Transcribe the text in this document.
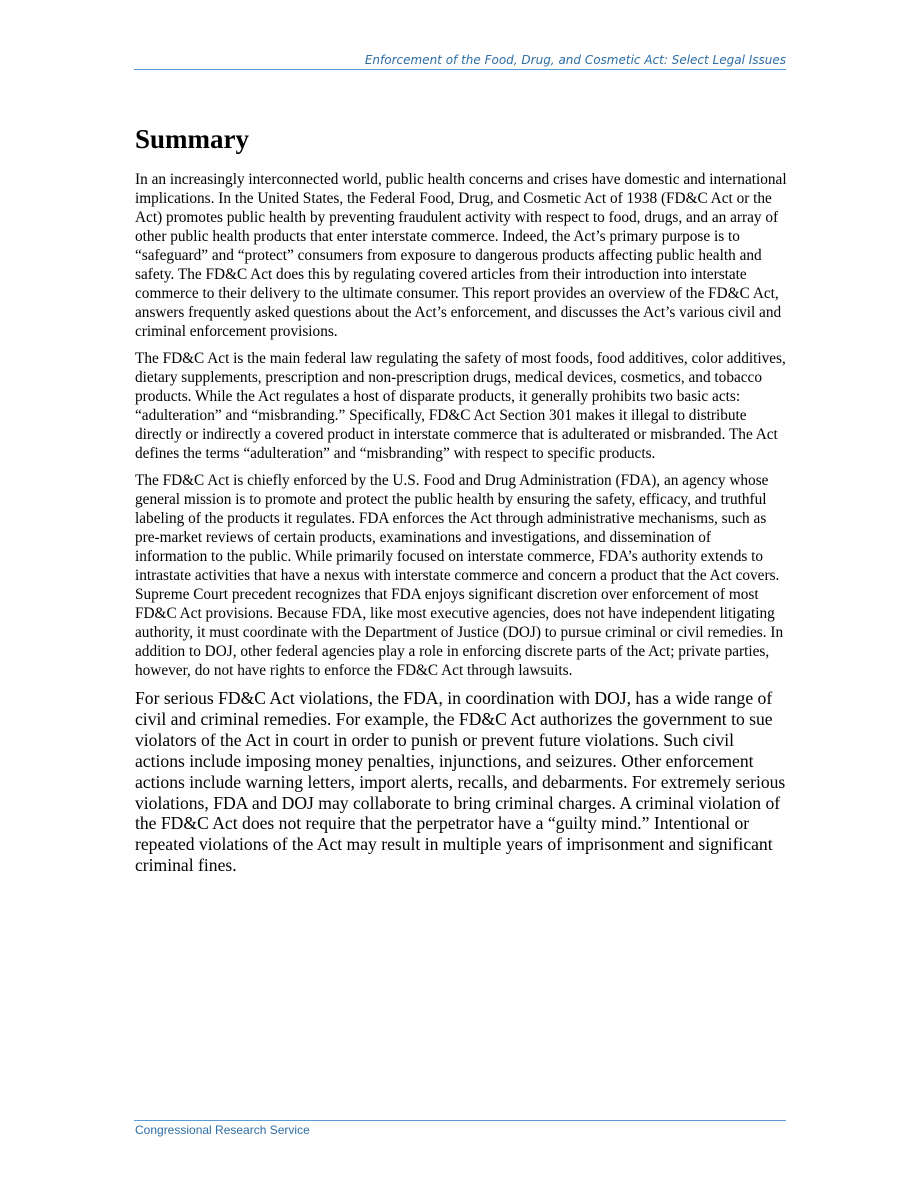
Enforcement of the Food, Drug, and Cosmetic Act: Select Legal Issues
Summary

In an increasingly interconnected world, public health concerns and crises have domestic and international implications. In the United States, the Federal Food, Drug, and Cosmetic Act of 1938 (FD&C Act or the Act) promotes public health by preventing fraudulent activity with respect to food, drugs, and an array of other public health products that enter interstate commerce. Indeed, the Act’s primary purpose is to “safeguard” and “protect” consumers from exposure to dangerous products affecting public health and safety. The FD&C Act does this by regulating covered articles from their introduction into interstate commerce to their delivery to the ultimate consumer. This report provides an overview of the FD&C Act, answers frequently asked questions about the Act’s enforcement, and discusses the Act’s various civil and criminal enforcement provisions.

The FD&C Act is the main federal law regulating the safety of most foods, food additives, color additives, dietary supplements, prescription and non-prescription drugs, medical devices, cosmetics, and tobacco products. While the Act regulates a host of disparate products, it generally prohibits two basic acts: “adulteration” and “misbranding.” Specifically, FD&C Act Section 301 makes it illegal to distribute directly or indirectly a covered product in interstate commerce that is adulterated or misbranded. The Act defines the terms “adulteration” and “misbranding” with respect to specific products.

The FD&C Act is chiefly enforced by the U.S. Food and Drug Administration (FDA), an agency whose general mission is to promote and protect the public health by ensuring the safety, efficacy, and truthful labeling of the products it regulates. FDA enforces the Act through administrative mechanisms, such as pre-market reviews of certain products, examinations and investigations, and dissemination of information to the public. While primarily focused on interstate commerce, FDA’s authority extends to intrastate activities that have a nexus with interstate commerce and concern a product that the Act covers. Supreme Court precedent recognizes that FDA enjoys significant discretion over enforcement of most FD&C Act provisions. Because FDA, like most executive agencies, does not have independent litigating authority, it must coordinate with the Department of Justice (DOJ) to pursue criminal or civil remedies. In addition to DOJ, other federal agencies play a role in enforcing discrete parts of the Act; private parties, however, do not have rights to enforce the FD&C Act through lawsuits.

For serious FD&C Act violations, the FDA, in coordination with DOJ, has a wide range of civil and criminal remedies. For example, the FD&C Act authorizes the government to sue violators of the Act in court in order to punish or prevent future violations. Such civil actions include imposing money penalties, injunctions, and seizures. Other enforcement actions include warning letters, import alerts, recalls, and debarments. For extremely serious violations, FDA and DOJ may collaborate to bring criminal charges. A criminal violation of the FD&C Act does not require that the perpetrator have a “guilty mind.” Intentional or repeated violations of the Act may result in multiple years of imprisonment and significant criminal fines.

Congressional Research Service
